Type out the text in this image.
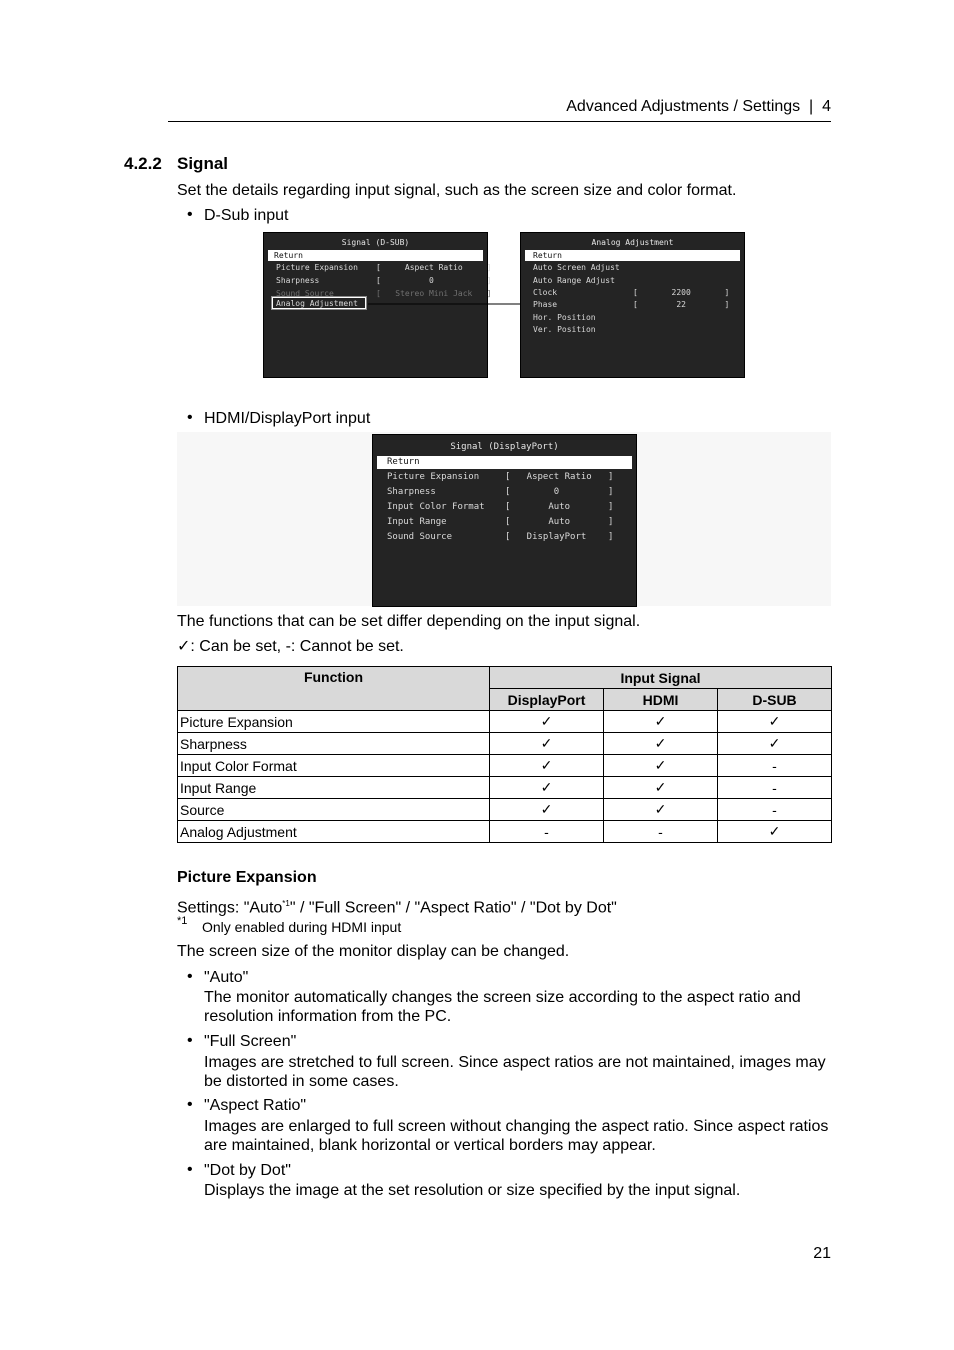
Advanced Adjustments / Settings  |  4
4.2.2 Signal
Set the details regarding input signal, such as the screen size and color format.
• D-Sub input
Signal (D-SUB)
Return
Picture Expansion [     Aspect Ratio     ]
Sharpness	[          0           ]
Sound Source	[   Stereo Mini Jack   ]
Analog Adjustment
Analog Adjustment
Return
Auto Screen Adjust
Auto Range Adjust
Clock	[       2200       ]
Phase	[        22        ]
Hor. Position
Ver. Position
• HDMI/DisplayPort input
Signal (DisplayPort)
Return
Picture Expansion	[   Aspect Ratio   ]
Sharpness	[        0         ]
Input Color Format [       Auto       ]
Input Range	[       Auto       ]
Sound Source	[   DisplayPort    ]
The functions that can be set differ depending on the input signal.
✓: Can be set, -: Cannot be set.
Function	Input Signal		
	DisplayPort	HDMI	D-SUB
Picture Expansion	✓	✓	✓
Sharpness	✓	✓	✓
Input Color Format	✓	✓	-
Input Range	✓	✓	-
Source	✓	✓	-
Analog Adjustment	-	-	✓
Picture Expansion
Settings: "Auto$^{*1}$" / "Full Screen" / "Aspect Ratio" / "Dot by Dot"
*1 Only enabled during HDMI input
The screen size of the monitor display can be changed.
• "Auto"
The monitor automatically changes the screen size according to the aspect ratio and resolution information from the PC.
• "Full Screen"
Images are stretched to full screen. Since aspect ratios are not maintained, images may be distorted in some cases.
• "Aspect Ratio"
Images are enlarged to full screen without changing the aspect ratio. Since aspect ratios are maintained, blank horizontal or vertical borders may appear.
• "Dot by Dot"
Displays the image at the set resolution or size specified by the input signal.
21
